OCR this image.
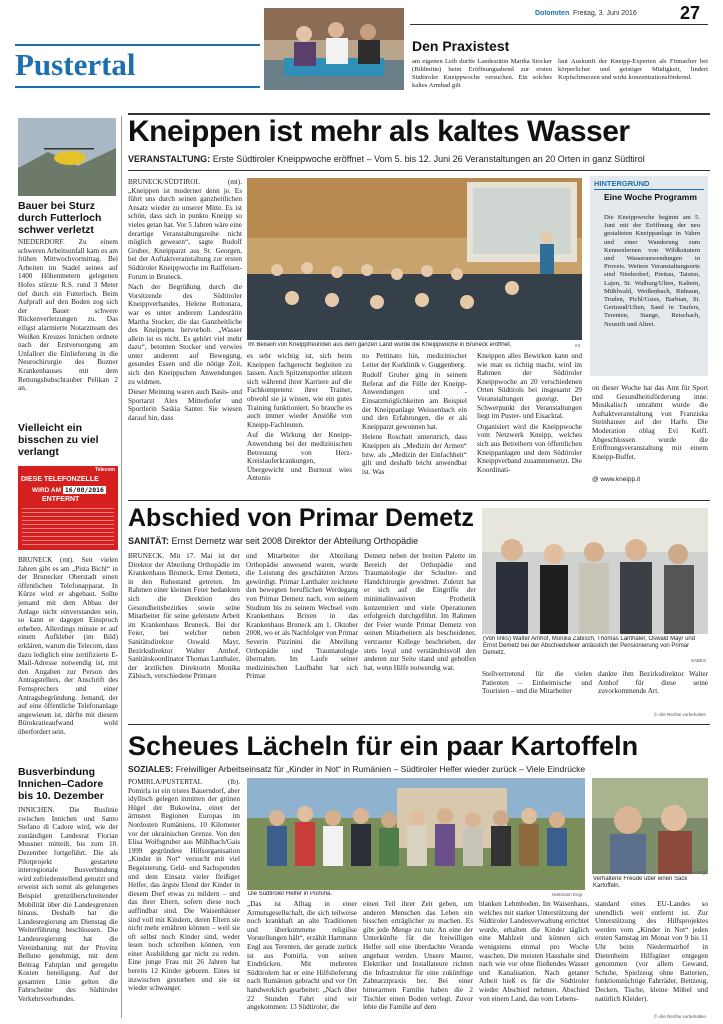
Pustertal
Dolomiten Freitag, 3. Juni 2016 27
Den Praxistest
am eigenen Leib durfte Landesrätin Martha Stocker (Bildmitte) beim Eröffnungsabend zur ersten Südtiroler Kneippwoche versuchen. Ein solches kaltes Armbad gilt
laut Auskunft der Kneipp-Experten als Fitmacher bei körperlicher und geistiger Müdigkeit, lindert Kopfschmerzen und wirkt konzentrationsfördernd.
Bauer bei Sturz durch Futterloch schwer verletzt
NIEDERDORF. Zu einem schweren Arbeitsunfall kam es am frühen Mittwochvormittag. Bei Arbeiten im Stadel seines auf 1400 Höhenmetern gelegenen Hofes stürzte R.S. rund 3 Meter tief durch ein Futterloch. Beim Aufprall auf den Boden zog sich der Bauer schwere Rückenverletzungen zu. Das eiligst alarmierte Notarztteam des Weißen Kreuzes Innichen ordnete nach der Erstversorgung am Unfallort die Einlieferung in die Neurochirurgie des Bozner Krankenhauses mit dem Rettungshubschrauber Pelikan 2 an.
Vielleicht ein bisschen zu viel verlangt
Telecom
DIESE TELEFONZELLE
WIRD AM 16/08/2016
ENTFERNT
BRUNECK (mt). Seit vielen Jahren gibt es am „Pista Bichl“ in der Brunecker Oberstadt einen öffentlichen Telefonapparat. In Kürze wird er abgebaut. Sollte jemand mit dem Abbau der Anlage nicht einverstanden sein, so kann er dagegen Einspruch erheben. Allerdings müsste er auf einem Aufkleber (im Bild) erklären, warum die Telecom, dass dazu lediglich eine zertifizierte E-Mail-Adresse notwendig ist, mit den Angaben zur Person des Antragstellers, der Anschrift des Fernsprechers und einer Antragsbegründung. Jemand, der auf eine öffentliche Telefonanlage angewiesen ist, dürfte mit diesem Bürokratieaufwand wohl überfordert sein.
Busverbindung Innichen–Cadore bis 10. Dezember
INNICHEN. Die Buslinie zwischen Innichen und Santo Stefano di Cadore wird, wie der zuständigen Landesrat Florian Mussner mitteilt, bis zum 10. Dezember fortgeführt. Die als Pilotprojekt gestartete interregionale Busverbindung wird zufriedenstellend genutzt und erweist sich somit als gelungenes Beispiel grenzüberschreitender Mobilität über die Landesgrenzen hinaus. Deshalb hat die Landesregierung am Dienstag die Weiterführung beschlossen. Die Landesregierung hat die Vereinbarung mit der Provinz Belluno genehmigt, mit dem Beitrag Fahrplan und geregelte Kosten beteiligung. Auf der gesamten Linie gelten die Fahrscheine des Südtiroler Verkehrsverbundes.
Kneippen ist mehr als kaltes Wasser
VERANSTALTUNG: Erste Südtiroler Kneippwoche eröffnet – Vom 5. bis 12. Juni 26 Veranstaltungen an 20 Orten in ganz Südtirol

BRUNECK/SÜDTIROL (mt). „Kneippen ist moderner denn je. Es führt uns durch seinen ganzheitlichen Ansatz wieder zu unserer Mitte. Es ist schön, dass sich in punkto Kneipp so vieles getan hat. Vor 5 Jahren wäre eine derartige Veranstaltungsreihe nicht möglich gewesen“, sagte Rudolf Gruber, Kneipparzt aus St. Georgen, bei der Auftaktveranstaltung zur ersten Südtiroler Kneippwoche im Raiffeisen-Forum in Bruneck.

Nach der Begrüßung durch die Vorsitzende des Südtiroler Kneippverbandes, Helene Rottonara, war es unter anderem Landesrätin Martha Stocker, die das Ganzheitliche des Kneippens hervorhob. „Wasser allein ist es nicht. Es gehört viel mehr dazu“, betonten Stocker und verwies unter anderem auf Bewegung, gesundes Essen und die nötige Zeit, sich den Kneippschen Anwendungen zu widmen.

Dieser Meinung waren auch Basis- und Sportarzt Alex Mitterhofer und Sportlerin Saskia Santer. Sie wiesen darauf hin, dass

Im Beisein von Kneippfreunden aus dem ganzen Land wurde die Kneippwoche in Bruneck eröffnet.	mt

es sehr wichtig ist, sich beim Kneippen fachgerecht begleiten zu lassen. Auch Spitzensportler stützen sich während ihrer Karriere auf die Fachkompetenz ihrer Trainer, obwohl sie ja wissen, wie ein gutes Training funktioniert. So brauche es auch immer wieder Anstöße von Kneipp-Fachleuten.

Auf die Wirkung der Kneipp-Anwendung bei der medizinischen Betreuung von Herz-Kreislauferkrankungen, Übergewicht und Burnout wies Antonio

no Pettinato hin, medizinischer Leiter der Kurklinik v. Guggenberg.

Rudolf Gruber ging in seinem Referat auf die Fülle der Kneipp-Anwendungen und -Einsatzmöglichkeiten am Beispiel der Kneippanlage Weissenbach ein und den Erfahrungen, die er als Kneipparzt gewonnen hat.

Helene Roschatt unterstrich, dass Kneippen als „Medizin der Armen“ bzw. als „Medizin der Einfachheit“ gilt und deshalb leicht anwendbar ist. Was

Kneippen alles Bewirken kann und wie man es richtig macht, wird im Rahmen der Südtiroler Kneippwoche an 20 verschiedenen Orten Südtirols bei insgesamt 29 Veranstaltungen gezeigt. Der Schwerpunkt der Veranstaltungen liegt im Puster- und Eisacktal.

Organisiert wird die Kneippwoche vom Netzwerk Kneipp, welches sich aus Betreibern von öffentlichen Kneippanlagen und dem Südtiroler Kneippverband zusammensetzt. Die Koordinati-

HINTERGRUND
Eine Woche Programm
Die Kneippwoche beginnt am 5. Juni mit der Eröffnung der neu gestalteten Kneippanlage in Vahrn und einer Wanderung zum Kennenlernen von Wildkräutern und Wasseranwendungen in Proveis. Weitere Veranstaltungsorte sind Niederdorf, Prettau, Taisten, Lajen, St. Walburg/Ulten, Kaltern, Mühlwald, Weißenbach, Ridnaun, Truden, Pichl/Gsies, Barbian, St. Gertraud/Ulten, Sand in Taufers, Terenten, Stange, Reischach, Neustift und Altrei.
on dieser Woche hat das Amt für Sport und Gesundheitsförderung inne. Musikalisch umrahmt wurde die Auftaktveranstaltung von Franziska Steinhauser auf der Harfe. Die Moderation oblag Evi Keifl. Abgeschlossen wurde die Eröffnungsveranstaltung mit einem Kneipp-Buffet.
@ www.kneipp.it
Abschied von Primar Demetz
SANITÄT: Ernst Demetz war seit 2008 Direktor der Abteilung Orthopädie
BRUNECK. Mit 17. Mai ist der Direktor der Abteilung Orthopädie im Krankenhaus Bruneck, Ernst Demetz, in den Ruhestand getreten. Im Rahmen einer kleinen Feier bedankten sich die Direktion des Gesundheitsbezirkes sowie seine Mitarbeiter für seine geleistete Arbeit im Krankenhaus Bruneck. Bei der Feier, bei welcher neben Sanitätsdirektor Oswald Mayr, Bezirksdirektor Walter Amhof, Sanitätskoordinator Thomas Lanthaler, der ärztlichen Direktorin Monika Zäbisch, verschiedene Primare
und Mitarbeiter der Abteilung Orthopädie anwesend waren, wurde die Leistung des geschätzten Arztes gewürdigt. Primar Lanthaler zeichnete den bewegten beruflichen Werdegang von Primar Demetz nach, von seinem Studium bis zu seinem Wechsel vom Krankenhaus Brixen in das Krankenhaus Bruneck am 1. Oktober 2008, wo er als Nachfolger von Primar Severin Pizzinini die Abteilung Orthopädie und Traumatologie übernahm. Im Laufe seiner medizinischen Laufbahn hat sich Primar
Demetz neben der breiten Palette im Bereich der Orthopädie und Traumatologie der Schulter- und Handchirurgie gewidmet. Zuletzt hat er sich auf die Eingriffe der minimalinvasiven Prothetik konzentriert und viele Operationen erfolgreich durchgeführt. Im Rahmen der Feier wurde Primar Demetz von seinen Mitarbeitern als bescheidener, vertrauter Kollege beschrieben, der stets loyal und verständnisvoll den anderen zur Seite stand und geholfen hat, wenn Hilfe notwendig war.
(Von links) Walter Amhof, Monika Zäbisch, Thomas Lanthaler, Oswald Mayr und Ernst Demetz bei der Abschiedsfeier anlässlich der Pensionierung von Primar Demetz.
SABES
Stellvertretend für die vielen Patienten – Einheimische und Touristen – und die Mitarbeiter
dankte ihm Bezirksdirektor Walter Amhof für diese seine zuvorkommende Art.
© Alle Rechte vorbehalten
Scheues Lächeln für ein paar Kartoffeln
SOZIALES: Freiwilliger Arbeitseinsatz für „Kinder in Not“ in Rumänien – Südtiroler Helfer wieder zurück – Viele Eindrücke
POMIRLA/PUSTERTAL (lb). Pomirla ist ein tristes Bauerndorf, aber idyllisch gelegen inmitten der grünen Hügel der Bukowina, einer der ärmsten Regionen Europas im Nordosten Rumäniens, 10 Kilometer vor der ukrainischen Grenze. Von den Elisa Wolfsgruber aus Mühlbach/Gais 1999 gegründete Hilfsorganisation „Kinder in Not“ versucht mit viel Begeisterung, Geld- und Sachspenden und dem Einsatz vieler fleißiger Helfer, das ärgste Elend der Kinder in diesem Dorf etwas zu mildern – und das ihrer Eltern, sofern diese noch auffindbar sind. Die Waisenhäuser sind voll mit Kindern, deren Eltern sie nicht mehr ernähren können – weil sie oft selbst noch Kinder sind, weder lesen noch schreiben können, von einer Ausbildung gar nicht zu reden. Eine junge Frau mit 26 Jahren hat bereits 12 Kinder geboren. Eines ist inzwischen gestorben und sie ist wieder schwanger.
Die Südtiroler Helfer in Pomirla.	Hartmann Engl
Verhaltene Freude über einen Sack Kartoffeln.
Hartmann Engl
„Das ist Alltag in einer Armutsgesellschaft, die sich teilweise noch krankhaft an alte Traditionen und überkommene religiöse Vorstellungen hält“, erzählt Hartmann Engl aus Terenten, der gerade zurück ist aus Pomirla, von seinen Eindrücken. Mit mehreren Südtirolern hat er eine Hilfslieferung nach Rumänien gebracht und vor Ort handwerklich gearbeitet: „Nach über 22 Stunden Fahrt sind wir angekommen: 13 Südtiroler, die
einen Teil ihrer Zeit geben, um anderen Menschen das Leben ein bisschen erträglicher zu machen. Es gibt jede Menge zu tun: An eine der Unterkünfte für die freiwilligen Helfer soll eine überdachte Veranda angebaut werden. Unsere Maurer, Elektriker und Installateure richten die Infrastruktur für eine zukünftige Zahnarztpraxis her. Bei einer bitterarmen Familie haben die 2 Tischler einen Boden verlegt. Zuvor lebte die Familie auf dem
blanken Lehmboden. Im Waisenhaus, welches mit starker Unterstützung der Südtiroler Landesverwaltung errichtet wurde, erhalten die Kinder täglich eine Mahlzeit und können sich wenigstens einmal pro Woche waschen. Die meisten Haushalte sind nach wie vor ohne fließendes Wasser und Kanalisation. Nach getaner Arbeit hieß es für die Südtiroler wieder Abschied nehmen. Abschied von einem Land, das vom Lebens-
standard eines EU-Landes so unendlich weit entfernt ist. Zur Unterstützung des Hilfsprojektes werden vom „Kinder in Not“ jeden ersten Samstag im Monat von 9 bis 11 Uhr beim Niedermairhof in Dietenheim Hilfsgüter entgegen genommen (vor allem Gewand, Schuhe, Spielzeug ohne Batterien, funktionstüchtige Fahrräder, Bettzeug, Decken, Tische, kleine Möbel und natürlich Kleider).
© Alle Rechte vorbehalten
